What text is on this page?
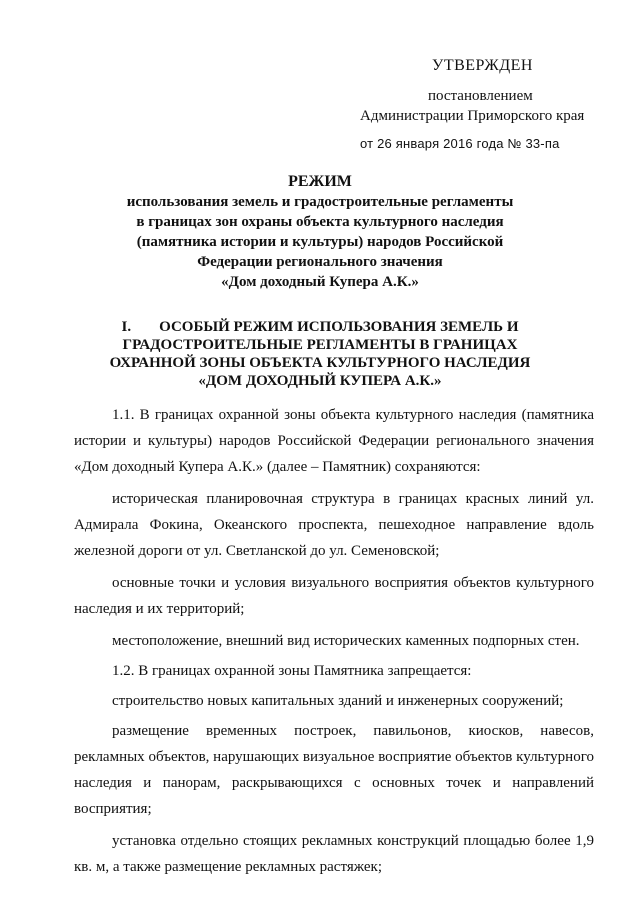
УТВЕРЖДЕН
постановлением
Администрации Приморского края
от 26 января 2016 года № 33-па
РЕЖИМ
использования земель и градостроительные регламенты
в границах зон охраны объекта культурного наследия
(памятника истории и культуры) народов Российской
Федерации регионального значения
«Дом доходный Купера А.К.»
I. ОСОБЫЙ РЕЖИМ ИСПОЛЬЗОВАНИЯ ЗЕМЕЛЬ И
ГРАДОСТРОИТЕЛЬНЫЕ РЕГЛАМЕНТЫ В ГРАНИЦАХ
ОХРАННОЙ ЗОНЫ ОБЪЕКТА КУЛЬТУРНОГО НАСЛЕДИЯ
«ДОМ ДОХОДНЫЙ КУПЕРА А.К.»

1.1. В границах охранной зоны объекта культурного наследия (памятника истории и культуры) народов Российской Федерации регионального значения «Дом доходный Купера А.К.» (далее – Памятник) сохраняются:

историческая планировочная структура в границах красных линий ул. Адмирала Фокина, Океанского проспекта, пешеходное направление вдоль железной дороги от ул. Светланской до ул. Семеновской;

основные точки и условия визуального восприятия объектов культурного наследия и их территорий;

местоположение, внешний вид исторических каменных подпорных стен.

1.2. В границах охранной зоны Памятника запрещается:

строительство новых капитальных зданий и инженерных сооружений;

размещение временных построек, павильонов, киосков, навесов, рекламных объектов, нарушающих визуальное восприятие объектов культурного наследия и панорам, раскрывающихся с основных точек и направлений восприятия;

установка отдельно стоящих рекламных конструкций площадью более 1,9 кв. м, а также размещение рекламных растяжек;
